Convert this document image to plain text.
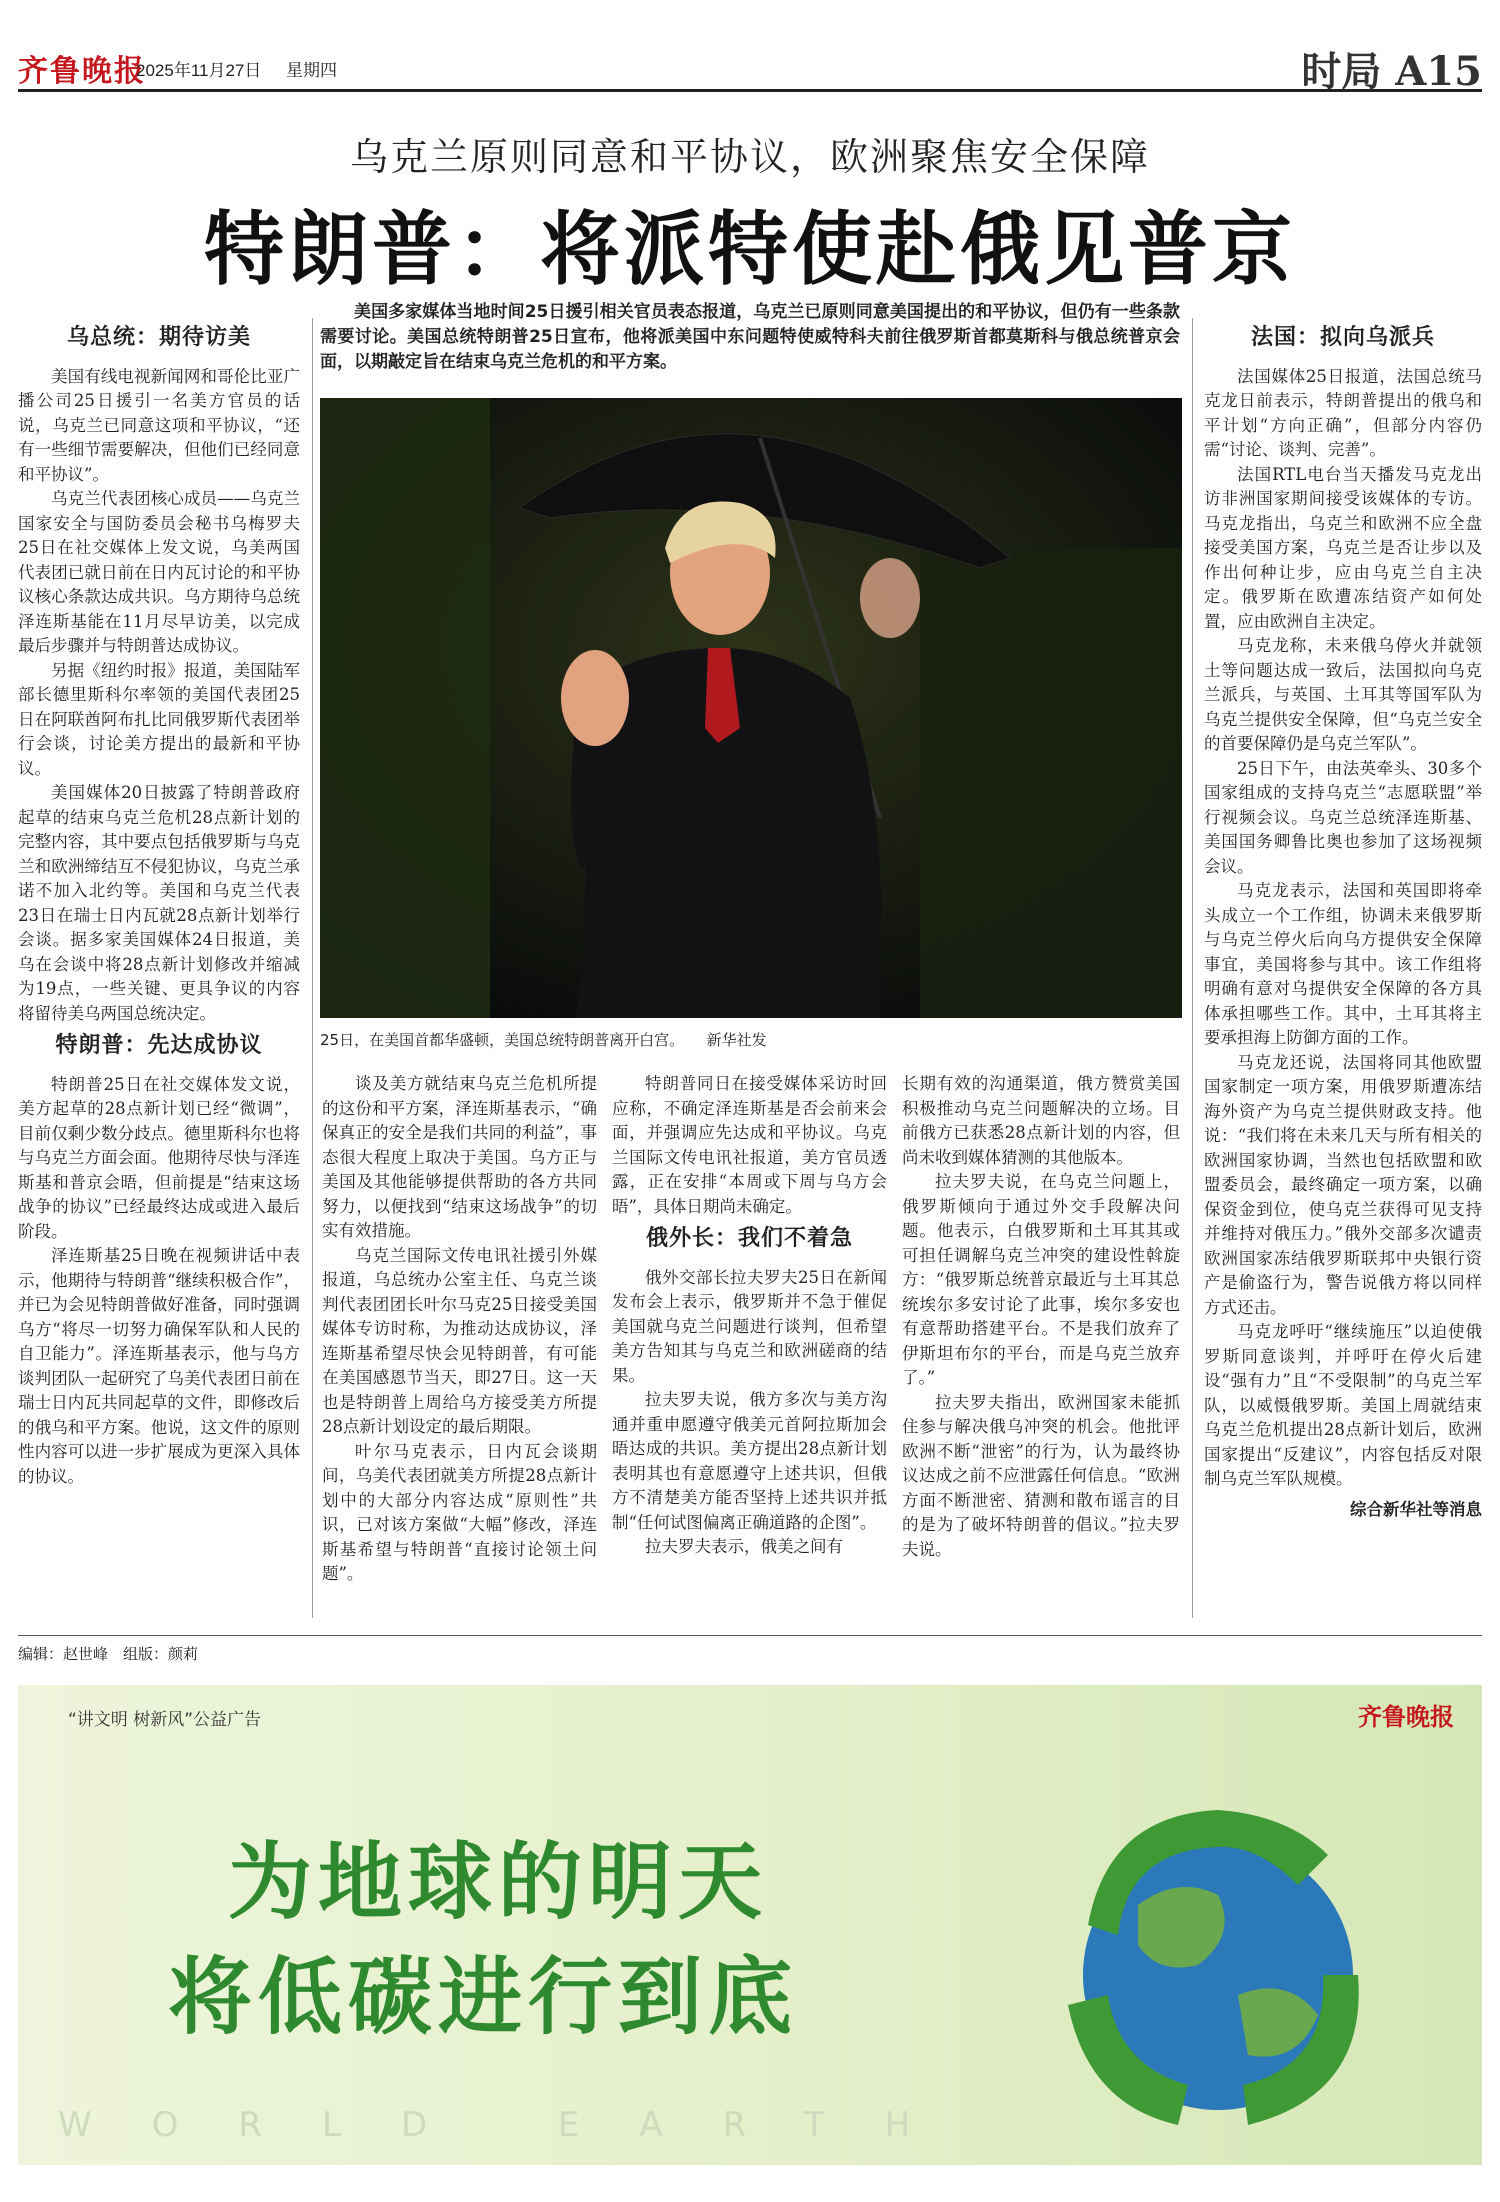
齐鲁晚报
2025年11月27日 星期四	时局 A15
乌克兰原则同意和平协议，欧洲聚焦安全保障
特朗普：将派特使赴俄见普京
美国多家媒体当地时间25日援引相关官员表态报道，乌克兰已原则同意美国提出的和平协议，但仍有一些条款需要讨论。美国总统特朗普25日宣布，他将派美国中东问题特使威特科夫前往俄罗斯首都莫斯科与俄总统普京会面，以期敲定旨在结束乌克兰危机的和平方案。
25日，在美国首都华盛顿，美国总统特朗普离开白宫。　　新华社发
乌总统：期待访美

美国有线电视新闻网和哥伦比亚广播公司25日援引一名美方官员的话说，乌克兰已同意这项和平协议，“还有一些细节需要解决，但他们已经同意和平协议”。

乌克兰代表团核心成员——乌克兰国家安全与国防委员会秘书乌梅罗夫25日在社交媒体上发文说，乌美两国代表团已就日前在日内瓦讨论的和平协议核心条款达成共识。乌方期待乌总统泽连斯基能在11月尽早访美，以完成最后步骤并与特朗普达成协议。

另据《纽约时报》报道，美国陆军部长德里斯科尔率领的美国代表团25日在阿联酋阿布扎比同俄罗斯代表团举行会谈，讨论美方提出的最新和平协议。

美国媒体20日披露了特朗普政府起草的结束乌克兰危机28点新计划的完整内容，其中要点包括俄罗斯与乌克兰和欧洲缔结互不侵犯协议，乌克兰承诺不加入北约等。美国和乌克兰代表23日在瑞士日内瓦就28点新计划举行会谈。据多家美国媒体24日报道，美乌在会谈中将28点新计划修改并缩减为19点，一些关键、更具争议的内容将留待美乌两国总统决定。

特朗普：先达成协议

特朗普25日在社交媒体发文说，美方起草的28点新计划已经“微调”，目前仅剩少数分歧点。德里斯科尔也将与乌克兰方面会面。他期待尽快与泽连斯基和普京会晤，但前提是“结束这场战争的协议”已经最终达成或进入最后阶段。

泽连斯基25日晚在视频讲话中表示，他期待与特朗普“继续积极合作”，并已为会见特朗普做好准备，同时强调乌方“将尽一切努力确保军队和人民的自卫能力”。泽连斯基表示，他与乌方谈判团队一起研究了乌美代表团日前在瑞士日内瓦共同起草的文件，即修改后的俄乌和平方案。他说，这文件的原则性内容可以进一步扩展成为更深入具体的协议。

谈及美方就结束乌克兰危机所提的这份和平方案，泽连斯基表示，“确保真正的安全是我们共同的利益”，事态很大程度上取决于美国。乌方正与美国及其他能够提供帮助的各方共同努力，以便找到“结束这场战争”的切实有效措施。

乌克兰国际文传电讯社援引外媒报道，乌总统办公室主任、乌克兰谈判代表团团长叶尔马克25日接受美国媒体专访时称，为推动达成协议，泽连斯基希望尽快会见特朗普，有可能在美国感恩节当天，即27日。这一天也是特朗普上周给乌方接受美方所提28点新计划设定的最后期限。

叶尔马克表示，日内瓦会谈期间，乌美代表团就美方所提28点新计划中的大部分内容达成“原则性”共识，已对该方案做“大幅”修改，泽连斯基希望与特朗普“直接讨论领土问题”。

特朗普同日在接受媒体采访时回应称，不确定泽连斯基是否会前来会面，并强调应先达成和平协议。乌克兰国际文传电讯社报道，美方官员透露，正在安排“本周或下周与乌方会晤”，具体日期尚未确定。

俄外长：我们不着急

俄外交部长拉夫罗夫25日在新闻发布会上表示，俄罗斯并不急于催促美国就乌克兰问题进行谈判，但希望美方告知其与乌克兰和欧洲磋商的结果。

拉夫罗夫说，俄方多次与美方沟通并重申愿遵守俄美元首阿拉斯加会晤达成的共识。美方提出28点新计划表明其也有意愿遵守上述共识，但俄方不清楚美方能否坚持上述共识并抵制“任何试图偏离正确道路的企图”。

拉夫罗夫表示，俄美之间有

长期有效的沟通渠道，俄方赞赏美国积极推动乌克兰问题解决的立场。目前俄方已获悉28点新计划的内容，但尚未收到媒体猜测的其他版本。

拉夫罗夫说，在乌克兰问题上，俄罗斯倾向于通过外交手段解决问题。他表示，白俄罗斯和土耳其其或可担任调解乌克兰冲突的建设性斡旋方：“俄罗斯总统普京最近与土耳其总统埃尔多安讨论了此事，埃尔多安也有意帮助搭建平台。不是我们放弃了伊斯坦布尔的平台，而是乌克兰放弃了。”

拉夫罗夫指出，欧洲国家未能抓住参与解决俄乌冲突的机会。他批评欧洲不断“泄密”的行为，认为最终协议达成之前不应泄露任何信息。“欧洲方面不断泄密、猜测和散布谣言的目的是为了破坏特朗普的倡议。”拉夫罗夫说。

法国：拟向乌派兵

法国媒体25日报道，法国总统马克龙日前表示，特朗普提出的俄乌和平计划“方向正确”，但部分内容仍需“讨论、谈判、完善”。

法国RTL电台当天播发马克龙出访非洲国家期间接受该媒体的专访。马克龙指出，乌克兰和欧洲不应全盘接受美国方案，乌克兰是否让步以及作出何种让步，应由乌克兰自主决定。俄罗斯在欧遭冻结资产如何处置，应由欧洲自主决定。

马克龙称，未来俄乌停火并就领土等问题达成一致后，法国拟向乌克兰派兵，与英国、土耳其等国军队为乌克兰提供安全保障，但“乌克兰安全的首要保障仍是乌克兰军队”。

25日下午，由法英牵头、30多个国家组成的支持乌克兰“志愿联盟”举行视频会议。乌克兰总统泽连斯基、美国国务卿鲁比奥也参加了这场视频会议。

马克龙表示，法国和英国即将牵头成立一个工作组，协调未来俄罗斯与乌克兰停火后向乌方提供安全保障事宜，美国将参与其中。该工作组将明确有意对乌提供安全保障的各方具体承担哪些工作。其中，土耳其将主要承担海上防御方面的工作。

马克龙还说，法国将同其他欧盟国家制定一项方案，用俄罗斯遭冻结海外资产为乌克兰提供财政支持。他说：“我们将在未来几天与所有相关的欧洲国家协调，当然也包括欧盟和欧盟委员会，最终确定一项方案，以确保资金到位，使乌克兰获得可见支持并维持对俄压力。”俄外交部多次谴责欧洲国家冻结俄罗斯联邦中央银行资产是偷盗行为，警告说俄方将以同样方式还击。

马克龙呼吁“继续施压”以迫使俄罗斯同意谈判，并呼吁在停火后建设“强有力”且“不受限制”的乌克兰军队，以威慑俄罗斯。美国上周就结束乌克兰危机提出28点新计划后，欧洲国家提出“反建议”，内容包括反对限制乌克兰军队规模。

综合新华社等消息
编辑：赵世峰　组版：颜莉
“讲文明 树新风”公益广告	齐鲁晚报
为地球的明天
将低碳进行到底
WORLD EARTH
